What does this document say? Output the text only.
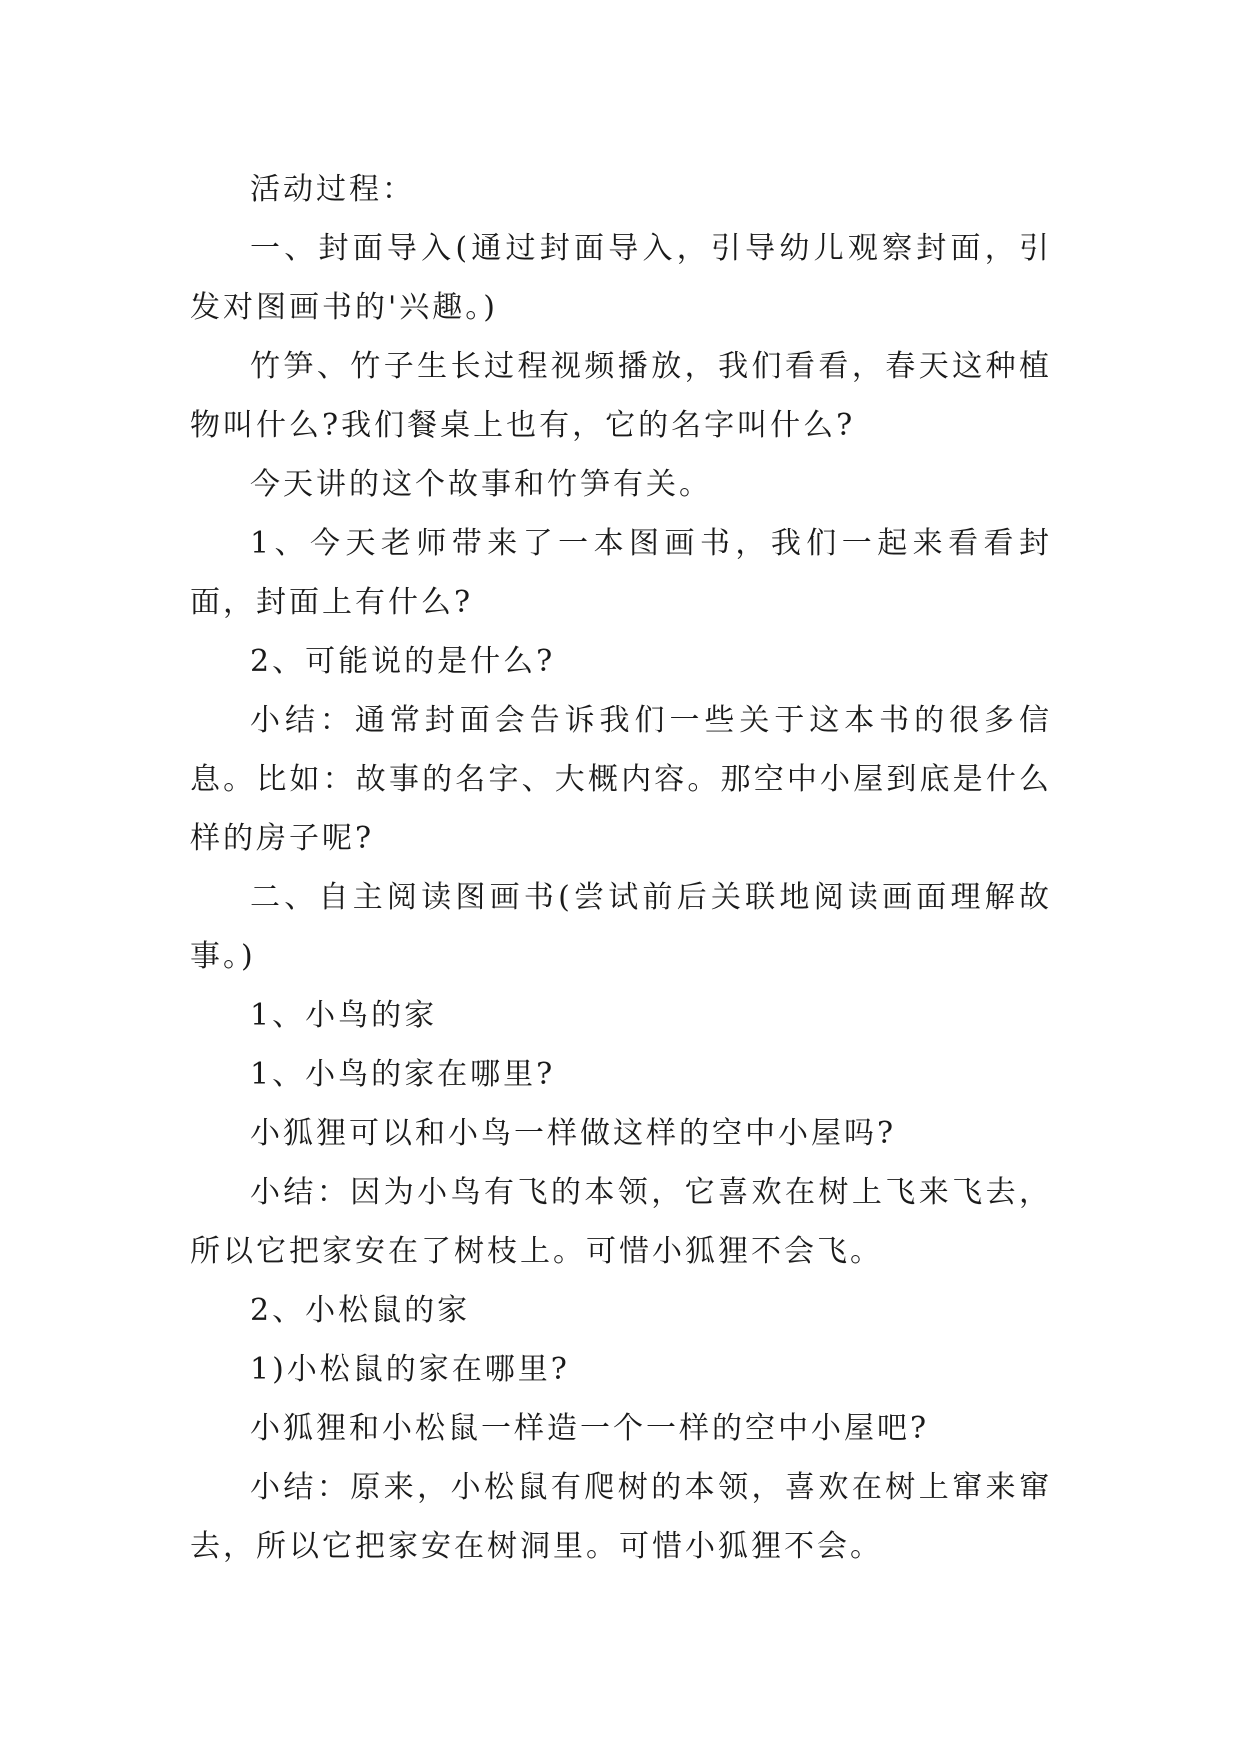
活动过程：

一、封面导入(通过封面导入，引导幼儿观察封面，引发对图画书的'兴趣。)

竹笋、竹子生长过程视频播放，我们看看，春天这种植物叫什么?我们餐桌上也有，它的名字叫什么?

今天讲的这个故事和竹笋有关。

1、今天老师带来了一本图画书，我们一起来看看封面，封面上有什么?

2、可能说的是什么?

小结：通常封面会告诉我们一些关于这本书的很多信息。比如：故事的名字、大概内容。那空中小屋到底是什么样的房子呢?

二、自主阅读图画书(尝试前后关联地阅读画面理解故事。)

1、小鸟的家

1、小鸟的家在哪里?

小狐狸可以和小鸟一样做这样的空中小屋吗?

小结：因为小鸟有飞的本领，它喜欢在树上飞来飞去，所以它把家安在了树枝上。可惜小狐狸不会飞。

2、小松鼠的家

1)小松鼠的家在哪里?

小狐狸和小松鼠一样造一个一样的空中小屋吧?

小结：原来，小松鼠有爬树的本领，喜欢在树上窜来窜去，所以它把家安在树洞里。可惜小狐狸不会。
